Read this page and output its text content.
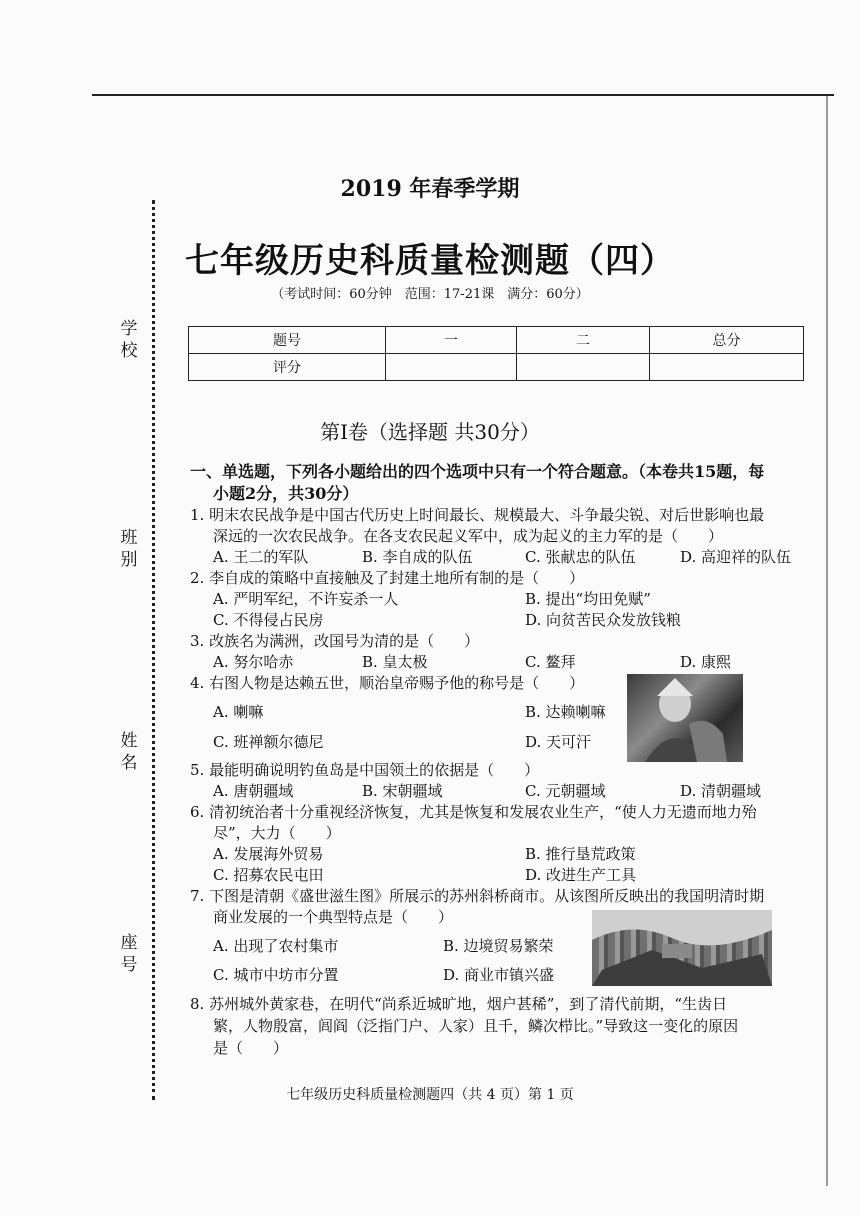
学校
班别
姓名
座号
2019 年春季学期
七年级历史科质量检测题（四）
（考试时间：60分钟　范围：17-21课　满分：60分）
题号	一	二	总分
评分			
第Ⅰ卷（选择题 共30分）
一、单选题，下列各小题给出的四个选项中只有一个符合题意。（本卷共15题，每
小题2分，共30分）
1. 明末农民战争是中国古代历史上时间最长、规模最大、斗争最尖锐、对后世影响也最
深远的一次农民战争。在各支农民起义军中，成为起义的主力军的是（　　）
A. 王二的军队	B. 李自成的队伍	C. 张献忠的队伍	D. 高迎祥的队伍
2. 李自成的策略中直接触及了封建土地所有制的是（　　）
A. 严明军纪，不许妄杀一人	B. 提出“均田免赋”
C. 不得侵占民房	D. 向贫苦民众发放钱粮
3. 改族名为满洲，改国号为清的是（　　）
A. 努尔哈赤	B. 皇太极	C. 鳌拜	D. 康熙
4. 右图人物是达赖五世，顺治皇帝赐予他的称号是（　　）
A. 喇嘛	B. 达赖喇嘛
C. 班禅额尔德尼	D. 天可汗
5. 最能明确说明钓鱼岛是中国领土的依据是（　　）
A. 唐朝疆域	B. 宋朝疆域	C. 元朝疆域	D. 清朝疆域
6. 清初统治者十分重视经济恢复，尤其是恢复和发展农业生产，“使人力无遗而地力殆
尽”，大力（　　）
A. 发展海外贸易	B. 推行垦荒政策
C. 招募农民屯田	D. 改进生产工具
7. 下图是清朝《盛世滋生图》所展示的苏州斜桥商市。从该图所反映出的我国明清时期
商业发展的一个典型特点是（　　）
A. 出现了农村集市	B. 边境贸易繁荣
C. 城市中坊市分置	D. 商业市镇兴盛
8. 苏州城外黄家巷，在明代“尚系近城旷地，烟户甚稀”，到了清代前期，“生齿日
繁，人物殷富，闾阎（泛指门户、人家）且千，鳞次栉比。”导致这一变化的原因
是（　　）
七年级历史科质量检测题四（共 4 页）第 1 页
